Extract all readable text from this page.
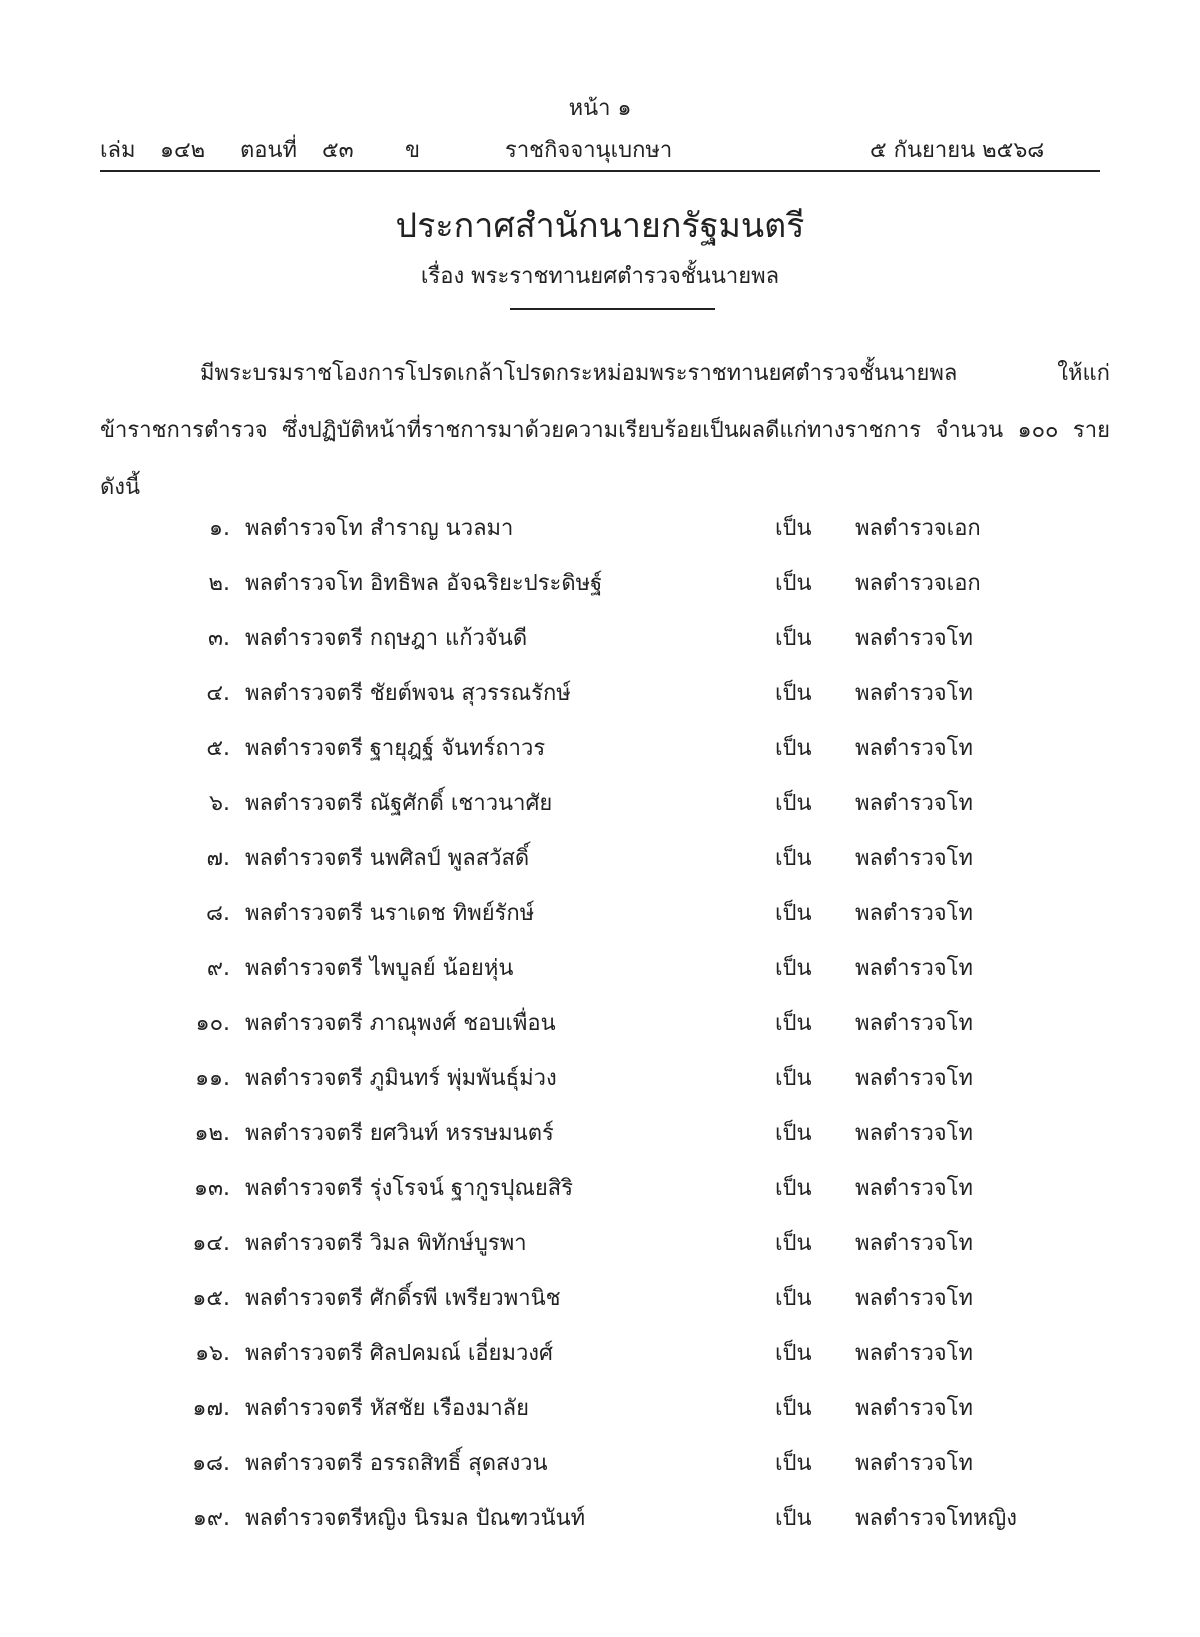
หน้า ๑
เล่ม ๑๔๒ ตอนที่ ๕๓ ข	ราชกิจจานุเบกษา	๕ กันยายน ๒๕๖๘
ประกาศสำนักนายกรัฐมนตรี
เรื่อง พระราชทานยศตำรวจชั้นนายพล
มีพระบรมราชโองการโปรดเกล้าโปรดกระหม่อมพระราชทานยศตำรวจชั้นนายพล ให้แก่ข้าราชการตำรวจ ซึ่งปฏิบัติหน้าที่ราชการมาด้วยความเรียบร้อยเป็นผลดีแก่ทางราชการ จำนวน ๑๐๐ ราย ดังนี้
๑. พลตำรวจโท สำราญ นวลมา	เป็น พลตำรวจเอก
๒. พลตำรวจโท อิทธิพล อัจฉริยะประดิษฐ์	เป็น พลตำรวจเอก
๓. พลตำรวจตรี กฤษฎา แก้วจันดี	เป็น พลตำรวจโท
๔. พลตำรวจตรี ชัยต์พจน สุวรรณรักษ์	เป็น พลตำรวจโท
๕. พลตำรวจตรี ฐายุฎฐ์ จันทร์ถาวร	เป็น พลตำรวจโท
๖. พลตำรวจตรี ณัฐศักดิ์ เชาวนาศัย	เป็น พลตำรวจโท
๗. พลตำรวจตรี นพศิลป์ พูลสวัสดิ์	เป็น พลตำรวจโท
๘. พลตำรวจตรี นราเดช ทิพย์รักษ์	เป็น พลตำรวจโท
๙. พลตำรวจตรี ไพบูลย์ น้อยหุ่น	เป็น พลตำรวจโท
๑๐. พลตำรวจตรี ภาณุพงศ์ ชอบเพื่อน	เป็น พลตำรวจโท
๑๑. พลตำรวจตรี ภูมินทร์ พุ่มพันธุ์ม่วง	เป็น พลตำรวจโท
๑๒. พลตำรวจตรี ยศวินท์ หรรษมนตร์	เป็น พลตำรวจโท
๑๓. พลตำรวจตรี รุ่งโรจน์ ฐากูรปุณยสิริ	เป็น พลตำรวจโท
๑๔. พลตำรวจตรี วิมล พิทักษ์บูรพา	เป็น พลตำรวจโท
๑๕. พลตำรวจตรี ศักดิ์รพี เพรียวพานิช	เป็น พลตำรวจโท
๑๖. พลตำรวจตรี ศิลปคมณ์ เอี่ยมวงศ์	เป็น พลตำรวจโท
๑๗. พลตำรวจตรี หัสชัย เรืองมาลัย	เป็น พลตำรวจโท
๑๘. พลตำรวจตรี อรรถสิทธิ์ สุดสงวน	เป็น พลตำรวจโท
๑๙. พลตำรวจตรีหญิง นิรมล ปัณฑวนันท์	เป็น พลตำรวจโทหญิง
